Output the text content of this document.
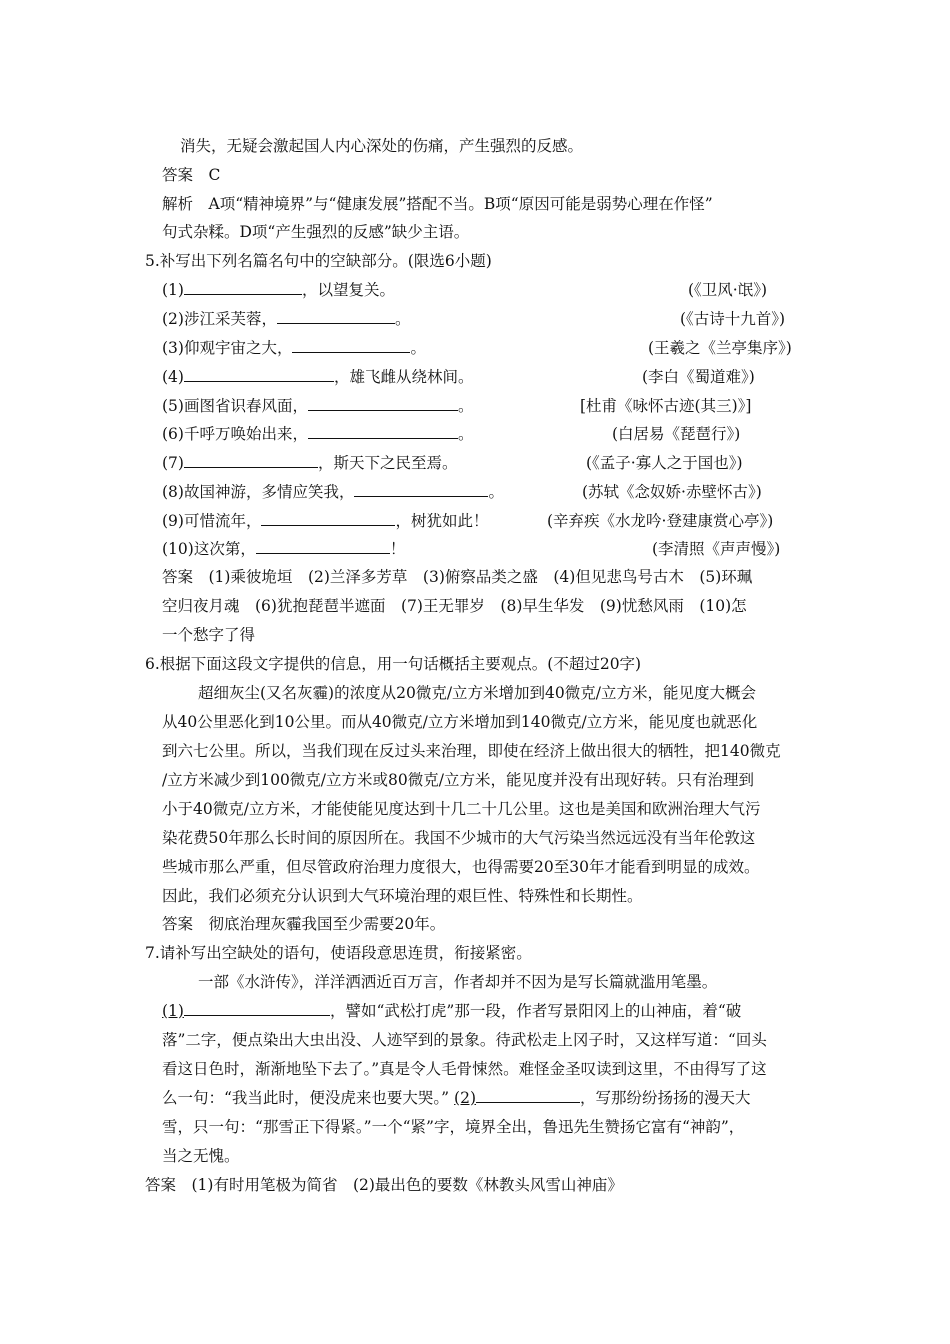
消失，无疑会激起国人内心深处的伤痛，产生强烈的反感。
答案　C
解析　A项“精神境界”与“健康发展”搭配不当。B项“原因可能是弱势心理在作怪”
句式杂糅。D项“产生强烈的反感”缺少主语。
5.补写出下列名篇名句中的空缺部分。(限选6小题)
(1)	，以望复关。	(《卫风·氓》)
(2)涉江采芙蓉，	。	(《古诗十九首》)
(3)仰观宇宙之大，	。	(王羲之《兰亭集序》)
(4)	，雄飞雌从绕林间。	(李白《蜀道难》)
(5)画图省识春风面，	。	[杜甫《咏怀古迹(其三)》]
(6)千呼万唤始出来，	。	(白居易《琵琶行》)
(7)	，斯天下之民至焉。	(《孟子·寡人之于国也》)
(8)故国神游，多情应笑我，	。	(苏轼《念奴娇·赤壁怀古》)
(9)可惜流年，	，树犹如此！	(辛弃疾《水龙吟·登建康赏心亭》)
(10)这次第，	！	(李清照《声声慢》)
答案　(1)乘彼垝垣　(2)兰泽多芳草　(3)俯察品类之盛　(4)但见悲鸟号古木　(5)环珮
空归夜月魂　(6)犹抱琵琶半遮面　(7)王无罪岁　(8)早生华发　(9)忧愁风雨　(10)怎
一个愁字了得
6.根据下面这段文字提供的信息，用一句话概括主要观点。(不超过20字)
超细灰尘(又名灰霾)的浓度从20微克/立方米增加到40微克/立方米，能见度大概会
从40公里恶化到10公里。而从40微克/立方米增加到140微克/立方米，能见度也就恶化
到六七公里。所以，当我们现在反过头来治理，即使在经济上做出很大的牺牲，把140微克
/立方米减少到100微克/立方米或80微克/立方米，能见度并没有出现好转。只有治理到
小于40微克/立方米，才能使能见度达到十几二十几公里。这也是美国和欧洲治理大气污
染花费50年那么长时间的原因所在。我国不少城市的大气污染当然远远没有当年伦敦这
些城市那么严重，但尽管政府治理力度很大，也得需要20至30年才能看到明显的成效。
因此，我们必须充分认识到大气环境治理的艰巨性、特殊性和长期性。
答案　彻底治理灰霾我国至少需要20年。
7.请补写出空缺处的语句，使语段意思连贯，衔接紧密。
一部《水浒传》，洋洋洒洒近百万言，作者却并不因为是写长篇就滥用笔墨。
(1)	，譬如“武松打虎”那一段，作者写景阳冈上的山神庙，着“破
落”二字，便点染出大虫出没、人迹罕到的景象。待武松走上冈子时，又这样写道：“回头
看这日色时，渐渐地坠下去了。”真是令人毛骨悚然。难怪金圣叹读到这里，不由得写了这
么一句：“我当此时，便没虎来也要大哭。” (2)	，写那纷纷扬扬的漫天大
雪，只一句：“那雪正下得紧。”一个“紧”字，境界全出，鲁迅先生赞扬它富有“神韵”，
当之无愧。
答案　(1)有时用笔极为简省　(2)最出色的要数《林教头风雪山神庙》
